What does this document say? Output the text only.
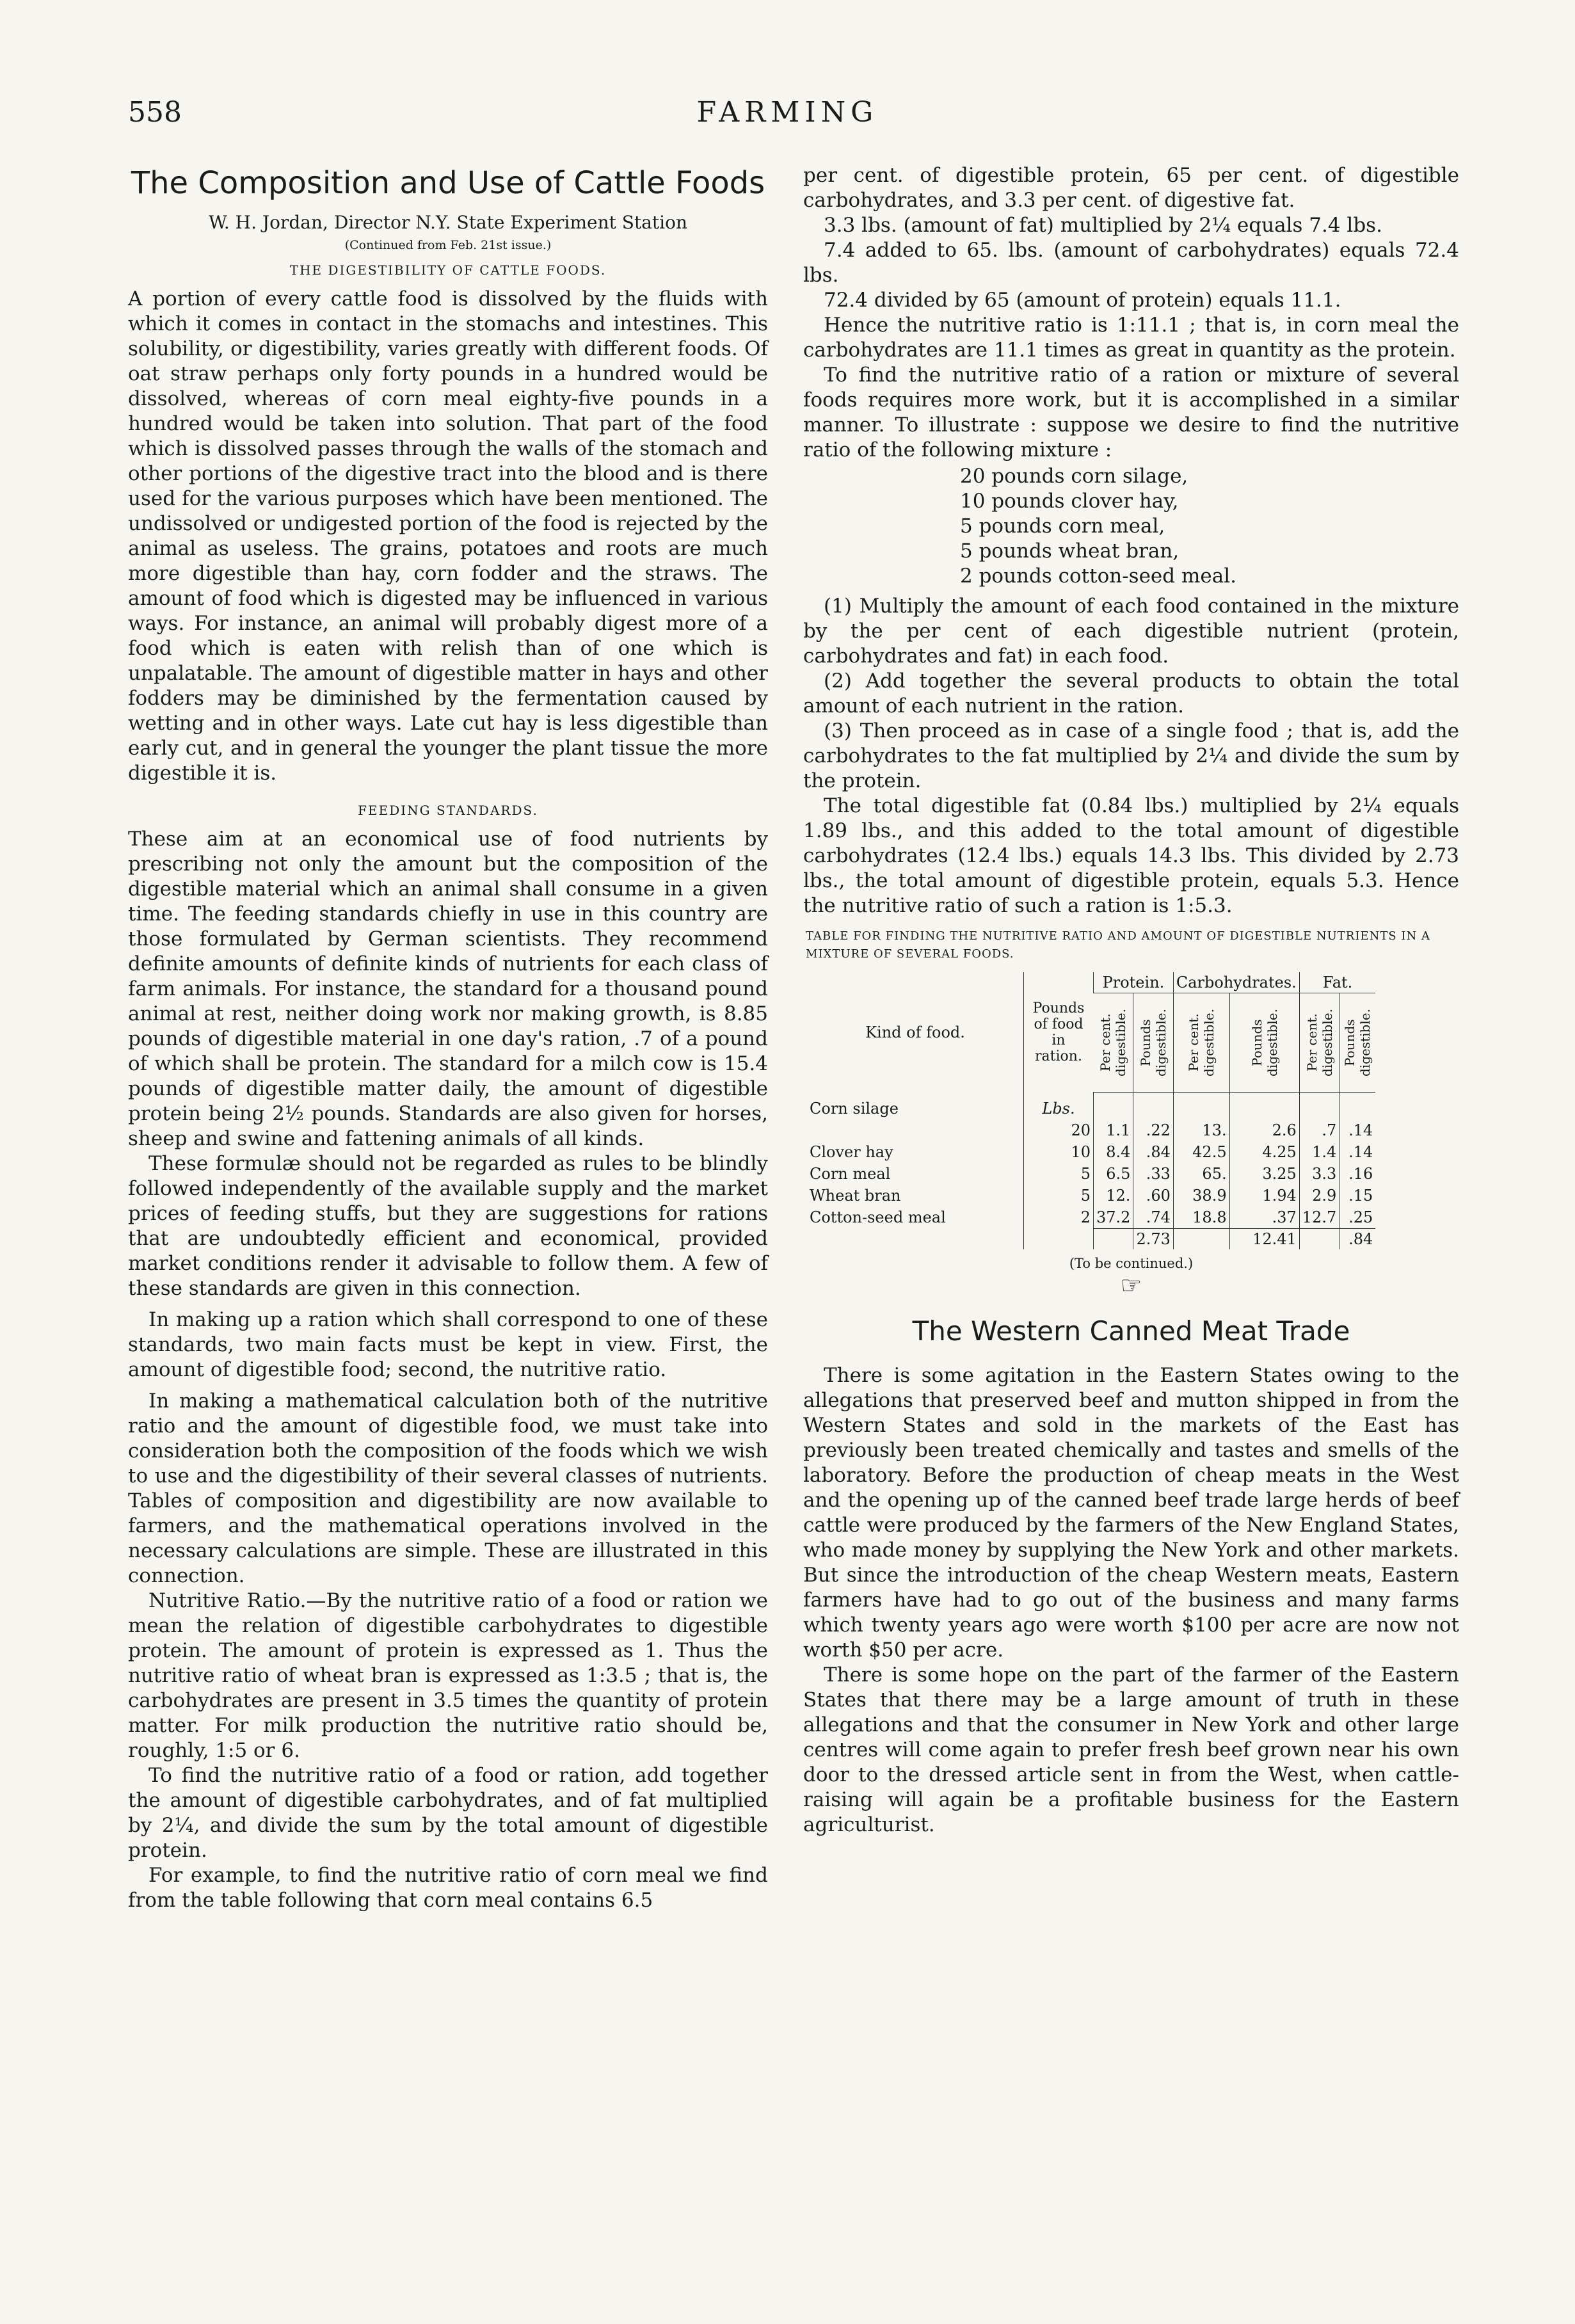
558	FARMING
The Composition and Use of Cattle Foods
W. H. Jordan, Director N.Y. State Experiment Station
(Continued from Feb. 21st issue.)
THE DIGESTIBILITY OF CATTLE FOODS.

A portion of every cattle food is dissolved by the fluids with which it comes in contact in the stomachs and intestines. This solubility, or digestibility, varies greatly with different foods. Of oat straw perhaps only forty pounds in a hundred would be dissolved, whereas of corn meal eighty-five pounds in a hundred would be taken into solution. That part of the food which is dissolved passes through the walls of the stomach and other portions of the digestive tract into the blood and is there used for the various purposes which have been mentioned. The undissolved or undigested portion of the food is rejected by the animal as useless. The grains, potatoes and roots are much more digestible than hay, corn fodder and the straws. The amount of food which is digested may be influenced in various ways. For instance, an animal will probably digest more of a food which is eaten with relish than of one which is unpalatable. The amount of digestible matter in hays and other fodders may be diminished by the fermentation caused by wetting and in other ways. Late cut hay is less digestible than early cut, and in general the younger the plant tissue the more digestible it is.

FEEDING STANDARDS.

These aim at an economical use of food nutrients by prescribing not only the amount but the composition of the digestible material which an animal shall consume in a given time. The feeding standards chiefly in use in this country are those formulated by German scientists. They recommend definite amounts of definite kinds of nutrients for each class of farm animals. For instance, the standard for a thousand pound animal at rest, neither doing work nor making growth, is 8.85 pounds of digestible material in one day's ration, .7 of a pound of which shall be protein. The standard for a milch cow is 15.4 pounds of digestible matter daily, the amount of digestible protein being 2½ pounds. Standards are also given for horses, sheep and swine and fattening animals of all kinds.

These formulæ should not be regarded as rules to be blindly followed independently of the available supply and the market prices of feeding stuffs, but they are suggestions for rations that are undoubtedly efficient and economical, provided market conditions render it advisable to follow them. A few of these standards are given in this connection.

In making up a ration which shall correspond to one of these standards, two main facts must be kept in view. First, the amount of digestible food; second, the nutritive ratio.

In making a mathematical calculation both of the nutritive ratio and the amount of digestible food, we must take into consideration both the composition of the foods which we wish to use and the digestibility of their several classes of nutrients. Tables of composition and digestibility are now available to farmers, and the mathematical operations involved in the necessary calculations are simple. These are illustrated in this connection.

Nutritive Ratio.—By the nutritive ratio of a food or ration we mean the relation of digestible carbohydrates to digestible protein. The amount of protein is expressed as 1. Thus the nutritive ratio of wheat bran is expressed as 1:3.5 ; that is, the carbohydrates are present in 3.5 times the quantity of protein matter. For milk production the nutritive ratio should be, roughly, 1:5 or 6.

To find the nutritive ratio of a food or ration, add together the amount of digestible carbohydrates, and of fat multiplied by 2¼, and divide the sum by the total amount of digestible protein.

For example, to find the nutritive ratio of corn meal we find from the table following that corn meal contains 6.5

per cent. of digestible protein, 65 per cent. of digestible carbohydrates, and 3.3 per cent. of digestive fat.

3.3 lbs. (amount of fat) multiplied by 2¼ equals 7.4 lbs.

7.4 added to 65. lbs. (amount of carbohydrates) equals 72.4 lbs.

72.4 divided by 65 (amount of protein) equals 11.1.

Hence the nutritive ratio is 1:11.1 ; that is, in corn meal the carbohydrates are 11.1 times as great in quantity as the protein.

To find the nutritive ratio of a ration or mixture of several foods requires more work, but it is accomplished in a similar manner. To illustrate : suppose we desire to find the nutritive ratio of the following mixture :

20 pounds corn silage,
10 pounds clover hay,
5 pounds corn meal,
5 pounds wheat bran,
2 pounds cotton-seed meal.

(1) Multiply the amount of each food contained in the mixture by the per cent of each digestible nutrient (protein, carbohydrates and fat) in each food.

(2) Add together the several products to obtain the total amount of each nutrient in the ration.

(3) Then proceed as in case of a single food ; that is, add the carbohydrates to the fat multiplied by 2¼ and divide the sum by the protein.

The total digestible fat (0.84 lbs.) multiplied by 2¼ equals 1.89 lbs., and this added to the total amount of digestible carbohydrates (12.4 lbs.) equals 14.3 lbs. This divided by 2.73 lbs., the total amount of digestible protein, equals 5.3. Hence the nutritive ratio of such a ration is 1:5.3.

TABLE FOR FINDING THE NUTRITIVE RATIO AND AMOUNT OF DIGESTIBLE NUTRIENTS IN A MIXTURE OF SEVERAL FOODS.
Kind of food.	Pounds of food in ration.	Protein.		Carbohydrates.		Fat.	

		Per cent. digestible.	Pounds digestible.	Per cent. digestible.	Pounds digestible.	Per cent. digestible.	Pounds digestible.

Corn silage	Lbs.						
	20	1.1	.22	13.	2.6	.7	.14
Clover hay	10	8.4	.84	42.5	4.25	1.4	.14
Corn meal	5	6.5	.33	65.	3.25	3.3	.16
Wheat bran	5	12.	.60	38.9	1.94	2.9	.15
Cotton-seed meal	2	37.2	.74	18.8	.37	12.7	.25
			2.73		12.41		.84
(To be continued.)
☞
The Western Canned Meat Trade

There is some agitation in the Eastern States owing to the allegations that preserved beef and mutton shipped in from the Western States and sold in the markets of the East has previously been treated chemically and tastes and smells of the laboratory. Before the production of cheap meats in the West and the opening up of the canned beef trade large herds of beef cattle were produced by the farmers of the New England States, who made money by supplying the New York and other markets. But since the introduction of the cheap Western meats, Eastern farmers have had to go out of the business and many farms which twenty years ago were worth $100 per acre are now not worth $50 per acre.

There is some hope on the part of the farmer of the Eastern States that there may be a large amount of truth in these allegations and that the consumer in New York and other large centres will come again to prefer fresh beef grown near his own door to the dressed article sent in from the West, when cattle-raising will again be a profitable business for the Eastern agriculturist.
